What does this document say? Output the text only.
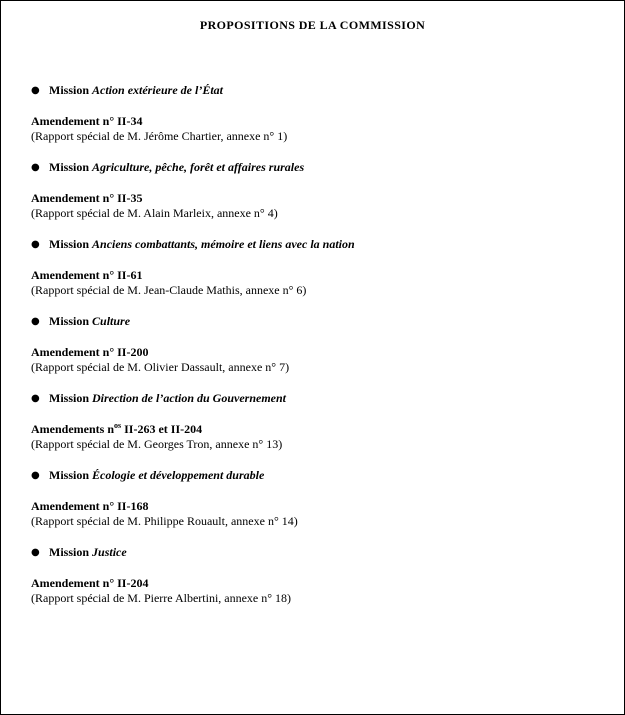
PROPOSITIONS DE LA COMMISSION
● Mission Action extérieure de l’État
Amendement n° II-34
(Rapport spécial de M. Jérôme Chartier, annexe n° 1)
● Mission Agriculture, pêche, forêt et affaires rurales
Amendement n° II-35
(Rapport spécial de M. Alain Marleix, annexe n° 4)
● Mission Anciens combattants, mémoire et liens avec la nation
Amendement n° II-61
(Rapport spécial de M. Jean-Claude Mathis, annexe n° 6)
● Mission Culture
Amendement n° II-200
(Rapport spécial de M. Olivier Dassault, annexe n° 7)
● Mission Direction de l’action du Gouvernement
Amendements $n^{os}$ II-263 et II-204
(Rapport spécial de M. Georges Tron, annexe n° 13)
● Mission Écologie et développement durable
Amendement n° II-168
(Rapport spécial de M. Philippe Rouault, annexe n° 14)
● Mission Justice
Amendement n° II-204
(Rapport spécial de M. Pierre Albertini, annexe n° 18)
